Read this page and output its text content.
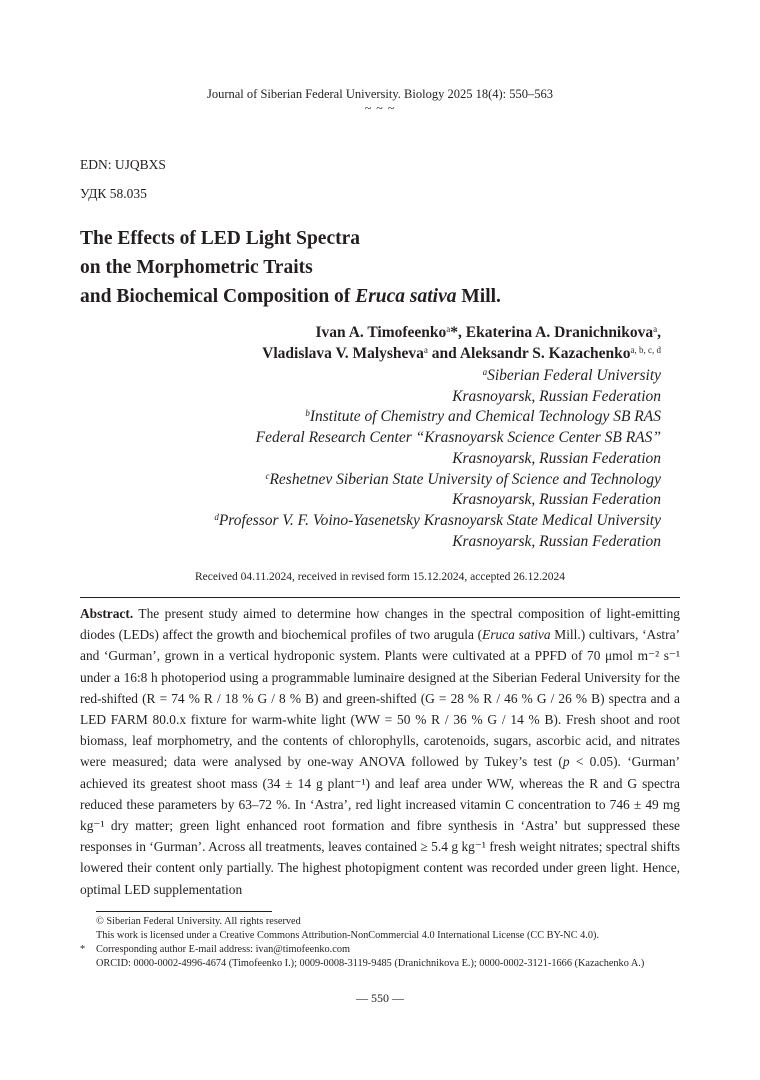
Journal of Siberian Federal University. Biology 2025 18(4): 550–563
~ ~ ~
EDN: UJQBXS
УДК 58.035
The Effects of LED Light Spectra
on the Morphometric Traits
and Biochemical Composition of Eruca sativa Mill.
Ivan A. Timofeenko$^a$*, Ekaterina A. Dranichnikova$^a$,
Vladislava V. Malysheva$^a$ and Aleksandr S. Kazachenko$^{a, b, c, d}$
$^a$Siberian Federal University
Krasnoyarsk, Russian Federation
$^b$Institute of Chemistry and Chemical Technology SB RAS
Federal Research Center “Krasnoyarsk Science Center SB RAS”
Krasnoyarsk, Russian Federation
$^c$Reshetnev Siberian State University of Science and Technology
Krasnoyarsk, Russian Federation
$^d$Professor V. F. Voino-Yasenetsky Krasnoyarsk State Medical University
Krasnoyarsk, Russian Federation
Received 04.11.2024, received in revised form 15.12.2024, accepted 26.12.2024
Abstract. The present study aimed to determine how changes in the spectral composition of light-emitting diodes (LEDs) affect the growth and biochemical profiles of two arugula (Eruca sativa Mill.) cultivars, ‘Astra’ and ‘Gurman’, grown in a vertical hydroponic system. Plants were cultivated at a PPFD of 70 μmol m⁻² s⁻¹ under a 16:8 h photoperiod using a programmable luminaire designed at the Siberian Federal University for the red-shifted (R = 74 % R / 18 % G / 8 % B) and green-shifted (G = 28 % R / 46 % G / 26 % B) spectra and a LED FARM 80.0.x fixture for warm-white light (WW = 50 % R / 36 % G / 14 % B). Fresh shoot and root biomass, leaf morphometry, and the contents of chlorophylls, carotenoids, sugars, ascorbic acid, and nitrates were measured; data were analysed by one-way ANOVA followed by Tukey’s test (p < 0.05). ‘Gurman’ achieved its greatest shoot mass (34 ± 14 g plant⁻¹) and leaf area under WW, whereas the R and G spectra reduced these parameters by 63–72 %. In ‘Astra’, red light increased vitamin C concentration to 746 ± 49 mg kg⁻¹ dry matter; green light enhanced root formation and fibre synthesis in ‘Astra’ but suppressed these responses in ‘Gurman’. Across all treatments, leaves contained ≥ 5.4 g kg⁻¹ fresh weight nitrates; spectral shifts lowered their content only partially. The highest photopigment content was recorded under green light. Hence, optimal LED supplementation
© Siberian Federal University. All rights reserved
This work is licensed under a Creative Commons Attribution-NonCommercial 4.0 International License (CC BY-NC 4.0).
* Corresponding author E-mail address: ivan@timofeenko.com
ORCID: 0000-0002-4996-4674 (Timofeenko I.); 0009-0008-3119-9485 (Dranichnikova E.); 0000-0002-3121-1666 (Kazachenko A.)
— 550 —
